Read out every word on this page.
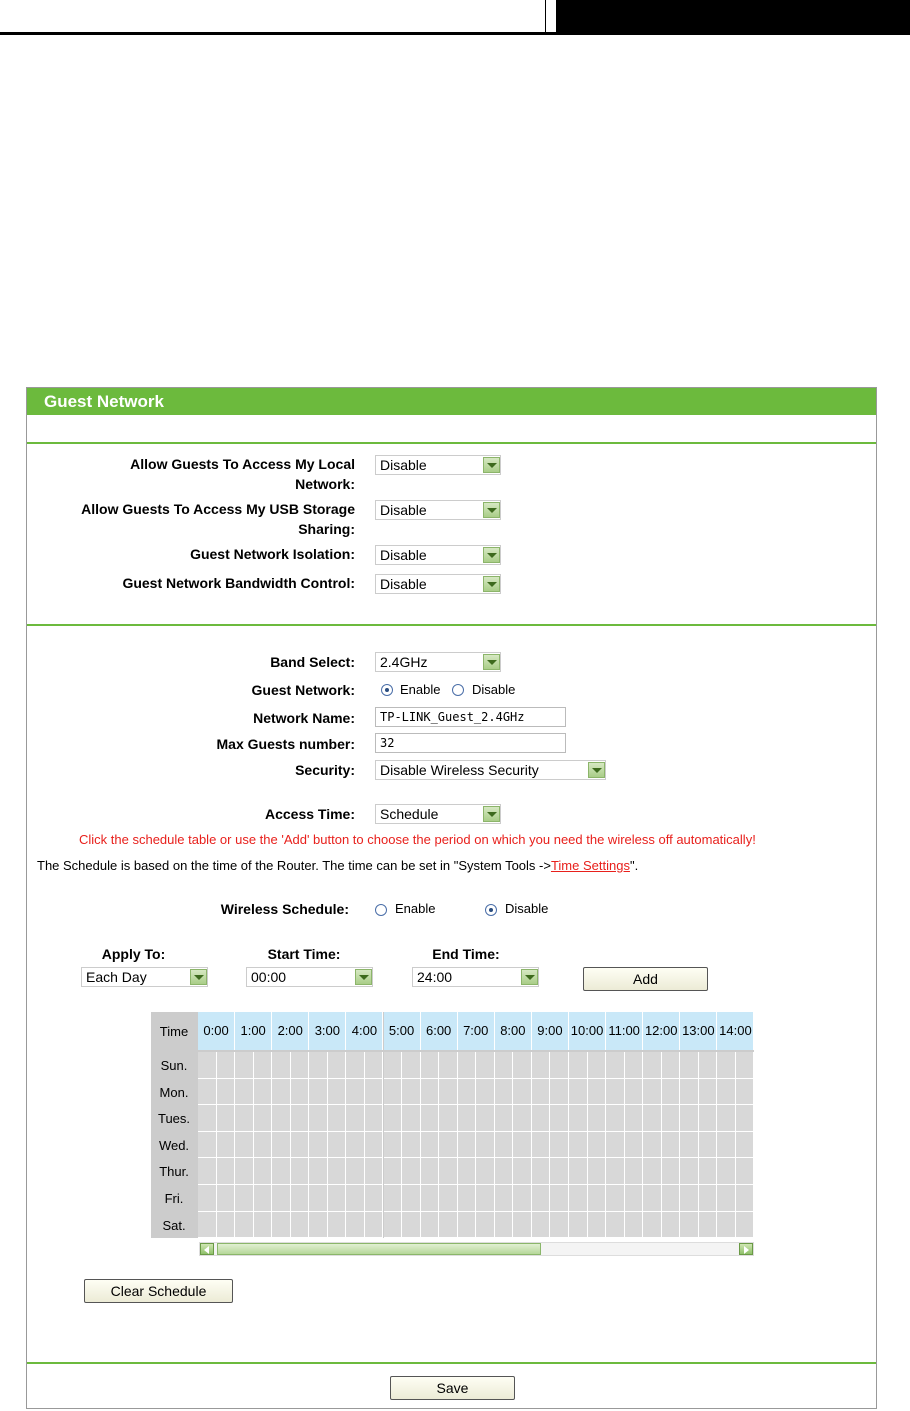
Guest Network
Allow Guests To Access My Local
Network:
Disable
Allow Guests To Access My USB Storage
Sharing:
Disable
Guest Network Isolation:	Disable
Guest Network Bandwidth Control:	Disable
Band Select:	2.4GHz
Guest Network:	Enable Disable
Network Name:	TP-LINK_Guest_2.4GHz
Max Guests number:	32
Security:	Disable Wireless Security
Access Time:	Schedule
Click the schedule table or use the 'Add' button to choose the period on which you need the wireless off automatically!
The Schedule is based on the time of the Router. The time can be set in "System Tools ->Time Settings".
Wireless Schedule:	Enable	Disable
Apply To:
Each Day
Start Time:
00:00
End Time:
24:00	Add
Time	0:00 1:00 2:00 3:00 4:00 5:00 6:00 7:00 8:00 9:00 10:00 11:00 12:00 13:00 14:00
Sun.
Mon.
Tues.
Wed.
Thur.
Fri.
Sat.
Clear Schedule
Save
